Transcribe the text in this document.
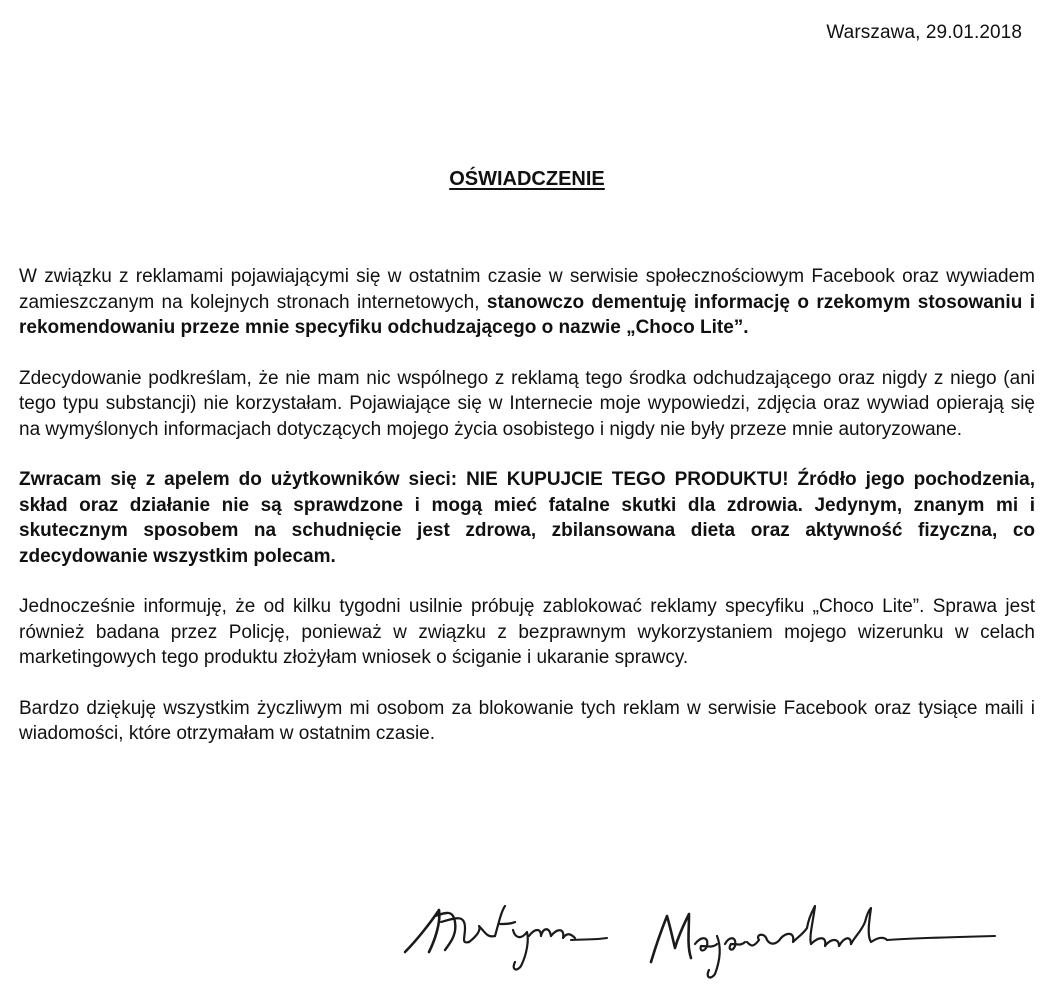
Warszawa, 29.01.2018
OŚWIADCZENIE

W związku z reklamami pojawiającymi się w ostatnim czasie w serwisie społecznościowym Facebook oraz wywiadem zamieszczanym na kolejnych stronach internetowych, stanowczo dementuję informację o rzekomym stosowaniu i rekomendowaniu przeze mnie specyfiku odchudzającego o nazwie „Choco Lite”.

Zdecydowanie podkreślam, że nie mam nic wspólnego z reklamą tego środka odchudzającego oraz nigdy z niego (ani tego typu substancji) nie korzystałam. Pojawiające się w Internecie moje wypowiedzi, zdjęcia oraz wywiad opierają się na wymyślonych informacjach dotyczących mojego życia osobistego i nigdy nie były przeze mnie autoryzowane.

Zwracam się z apelem do użytkowników sieci: NIE KUPUJCIE TEGO PRODUKTU! Źródło jego pochodzenia, skład oraz działanie nie są sprawdzone i mogą mieć fatalne skutki dla zdrowia. Jedynym, znanym mi i skutecznym sposobem na schudnięcie jest zdrowa, zbilansowana dieta oraz aktywność fizyczna, co zdecydowanie wszystkim polecam.

Jednocześnie informuję, że od kilku tygodni usilnie próbuję zablokować reklamy specyfiku „Choco Lite”. Sprawa jest również badana przez Policję, ponieważ w związku z bezprawnym wykorzystaniem mojego wizerunku w celach marketingowych tego produktu złożyłam wniosek o ściganie i ukaranie sprawcy.

Bardzo dziękuję wszystkim życzliwym mi osobom za blokowanie tych reklam w serwisie Facebook oraz tysiące maili i wiadomości, które otrzymałam w ostatnim czasie.
